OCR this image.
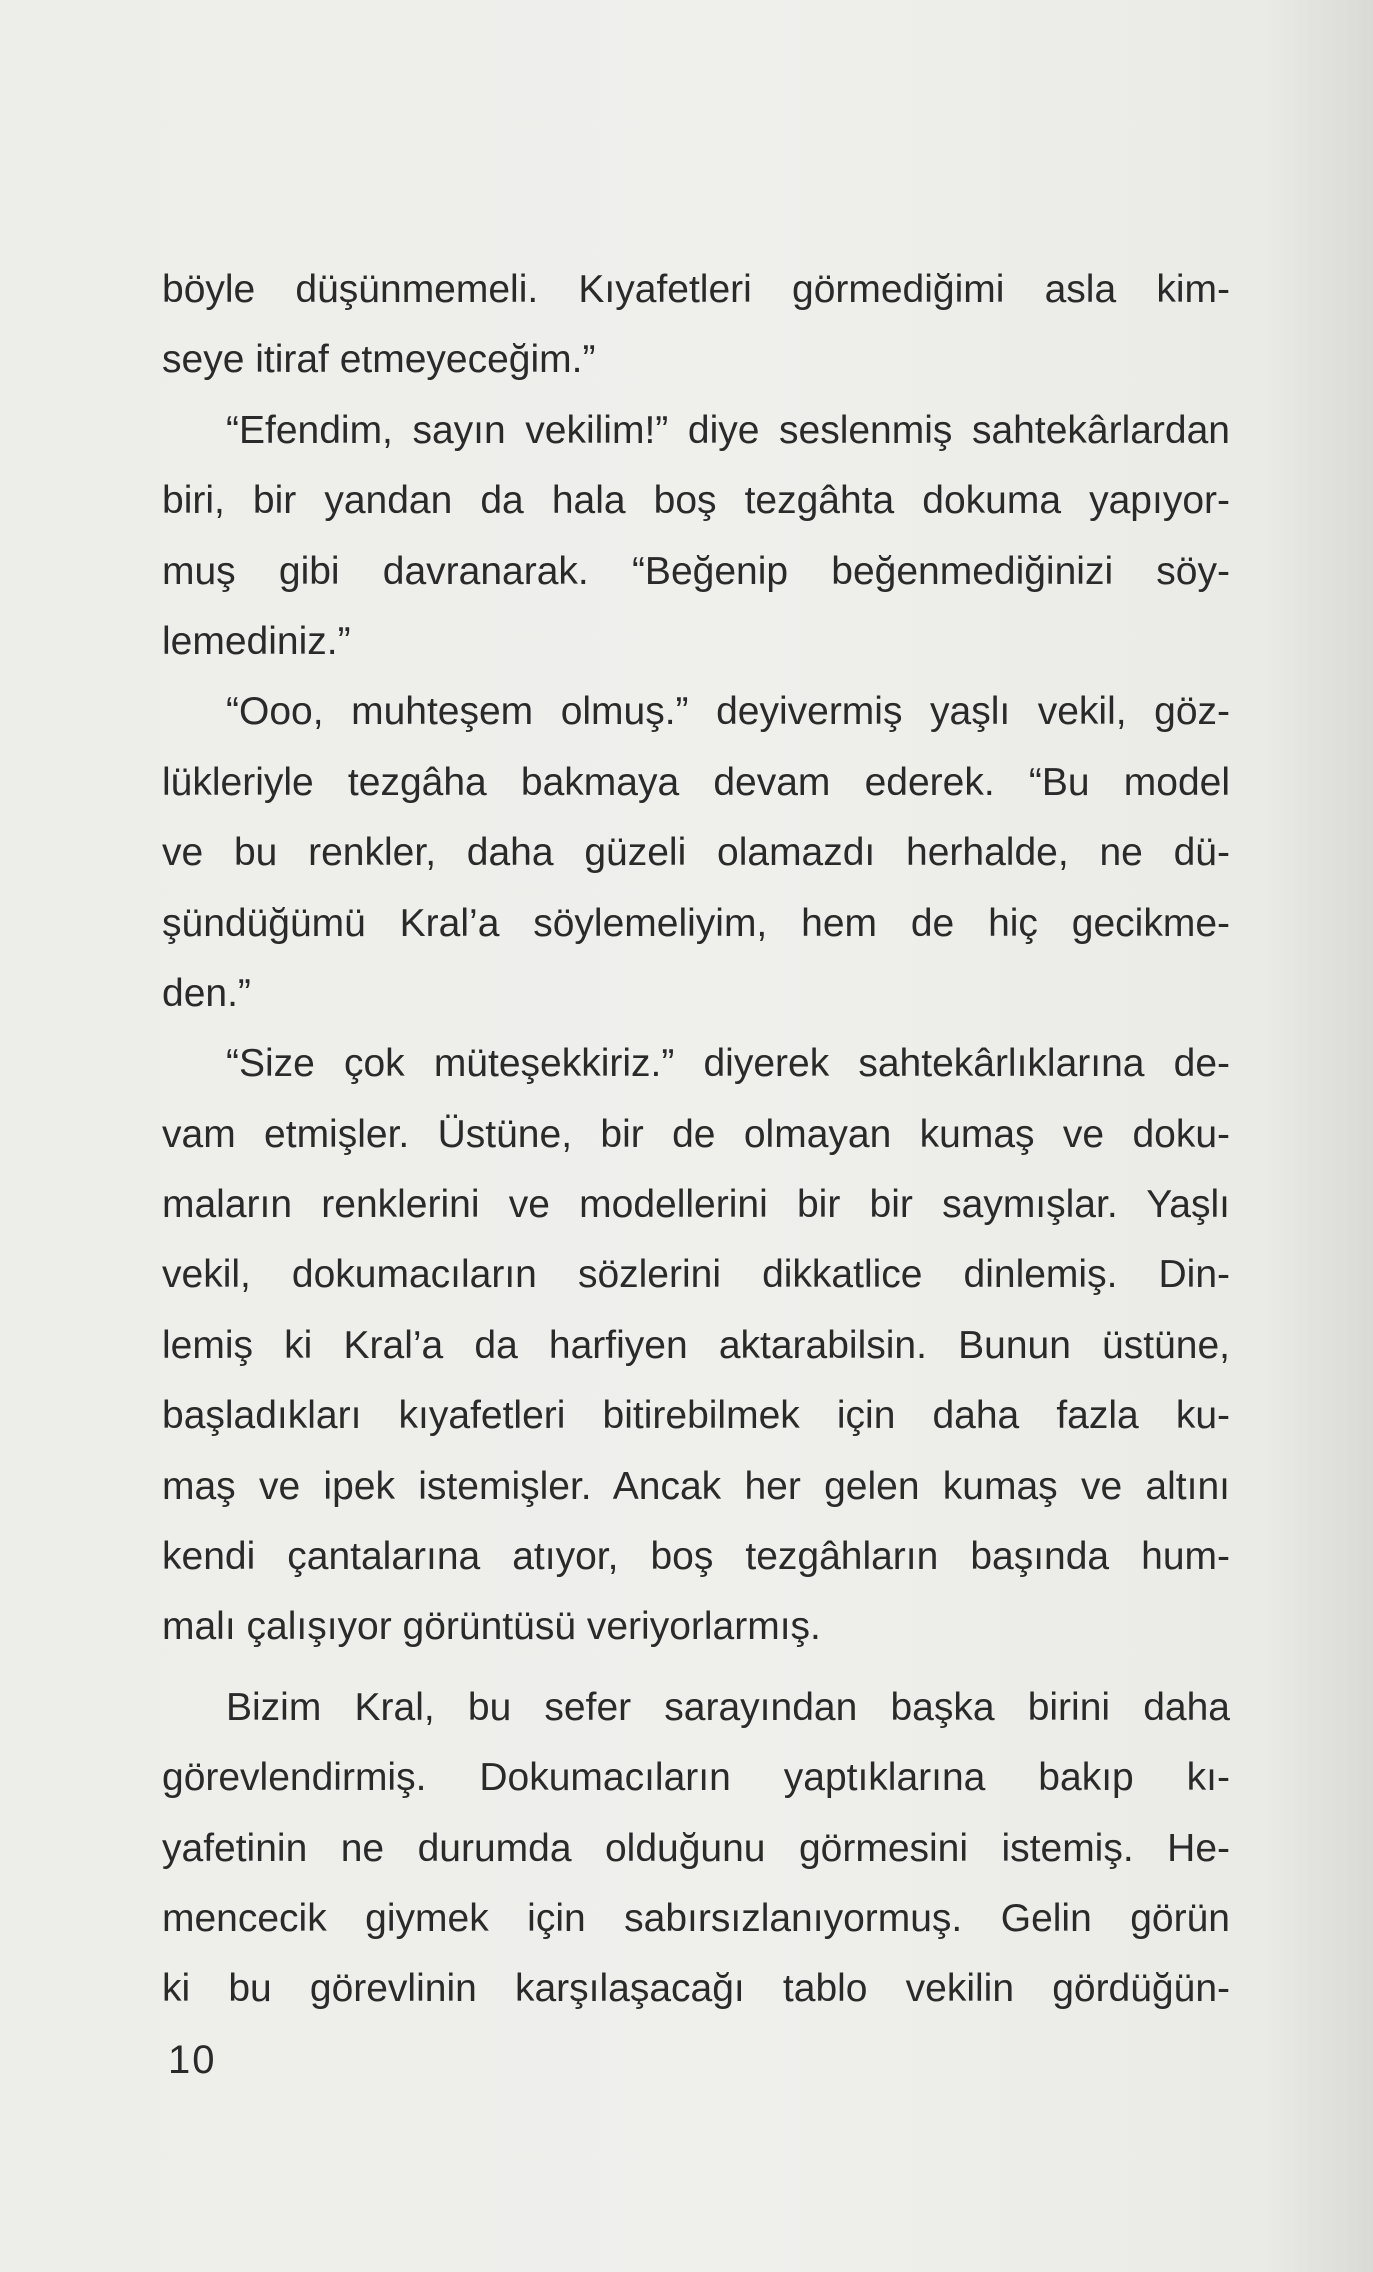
böyle düşünmemeli. Kıyafetleri görmediğimi asla kim-
seye itiraf etmeyeceğim.”
“Efendim, sayın vekilim!” diye seslenmiş sahtekârlardan
biri, bir yandan da hala boş tezgâhta dokuma yapıyor-
muş gibi davranarak. “Beğenip beğenmediğinizi söy-
lemediniz.”
“Ooo, muhteşem olmuş.” deyivermiş yaşlı vekil, göz-
lükleriyle tezgâha bakmaya devam ederek. “Bu model
ve bu renkler, daha güzeli olamazdı herhalde, ne dü-
şündüğümü Kral’a söylemeliyim, hem de hiç gecikme-
den.”
“Size çok müteşekkiriz.” diyerek sahtekârlıklarına de-
vam etmişler. Üstüne, bir de olmayan kumaş ve doku-
maların renklerini ve modellerini bir bir saymışlar. Yaşlı
vekil, dokumacıların sözlerini dikkatlice dinlemiş. Din-
lemiş ki Kral’a da harfiyen aktarabilsin. Bunun üstüne,
başladıkları kıyafetleri bitirebilmek için daha fazla ku-
maş ve ipek istemişler. Ancak her gelen kumaş ve altını
kendi çantalarına atıyor, boş tezgâhların başında hum-
malı çalışıyor görüntüsü veriyorlarmış.
Bizim Kral, bu sefer sarayından başka birini daha
görevlendirmiş. Dokumacıların yaptıklarına bakıp kı-
yafetinin ne durumda olduğunu görmesini istemiş. He-
mencecik giymek için sabırsızlanıyormuş. Gelin görün
ki bu görevlinin karşılaşacağı tablo vekilin gördüğün-
10
